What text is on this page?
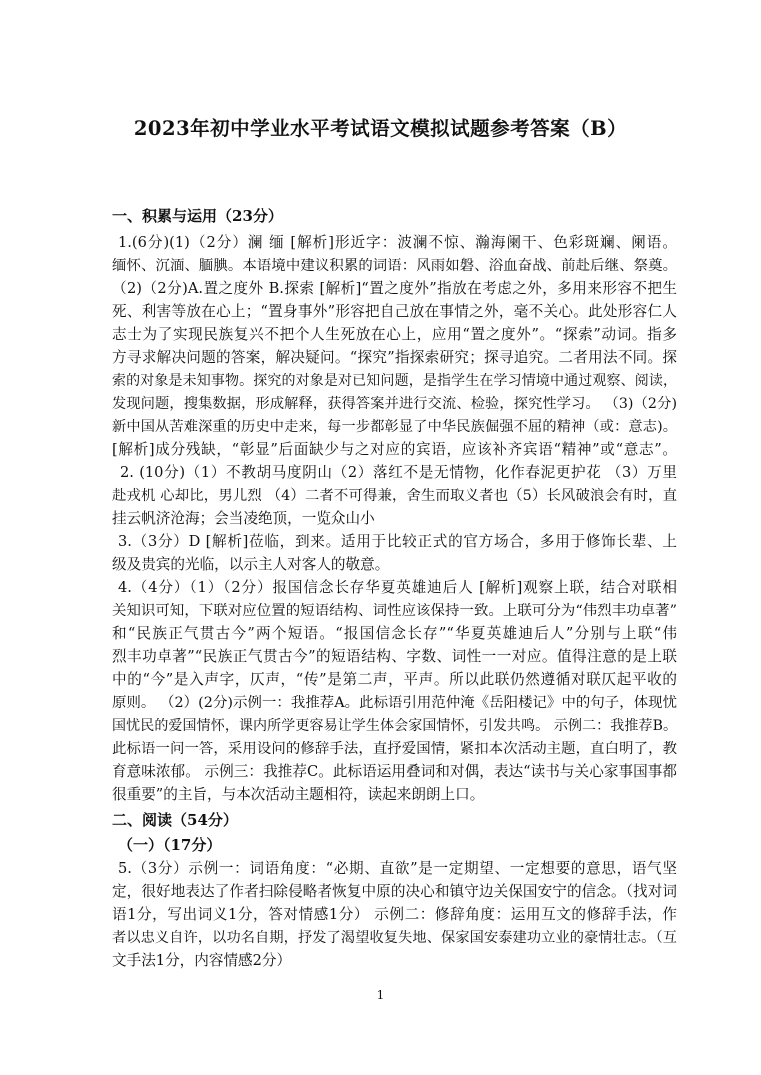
2023年初中学业水平考试语文模拟试题参考答案（B）
一、积累与运用（23分）
1.(6分)(1)（2分）澜 缅 [解析]形近字：波澜不惊、瀚海阑干、色彩斑斓、阑语。
缅怀、沉湎、腼腆。本语境中建议积累的词语：风雨如磐、浴血奋战、前赴后继、祭奠。
（2)（2分)A.置之度外 B.探索 [解析]“置之度外”指放在考虑之外，多用来形容不把生
死、利害等放在心上；“置身事外”形容把自己放在事情之外，毫不关心。此处形容仁人
志士为了实现民族复兴不把个人生死放在心上，应用“置之度外”。“探索”动词。指多
方寻求解决问题的答案，解决疑问。“探究”指探索研究；探寻追究。二者用法不同。探
索的对象是未知事物。探究的对象是对已知问题，是指学生在学习情境中通过观察、阅读，
发现问题，搜集数据，形成解释，获得答案并进行交流、检验，探究性学习。 （3)（2分)
新中国从苦难深重的历史中走来，每一步都彰显了中华民族倔强不屈的精神（或：意志)。
[解析]成分残缺，“彰显”后面缺少与之对应的宾语，应该补齐宾语“精神”或“意志”。
2. (10分)（1）不教胡马度阴山（2）落红不是无情物，化作春泥更护花 （3）万里
赴戎机 心却比，男儿烈 （4）二者不可得兼，舍生而取义者也（5）长风破浪会有时，直
挂云帆济沧海；会当凌绝顶，一览众山小
3.（3分）D [解析]莅临，到来。适用于比较正式的官方场合，多用于修饰长辈、上
级及贵宾的光临，以示主人对客人的敬意。
4.（4分）（1）（2分）报国信念长存华夏英雄迪后人 [解析]观察上联，结合对联相
关知识可知，下联对应位置的短语结构、词性应该保持一致。上联可分为“伟烈丰功卓著”
和“民族正气贯古今”两个短语。“报国信念长存”“华夏英雄迪后人”分别与上联“伟
烈丰功卓著”“民族正气贯古今”的短语结构、字数、词性一一对应。值得注意的是上联
中的“今”是入声字，仄声，“传”是第二声，平声。所以此联仍然遵循对联仄起平收的
原则。 （2）(2分)示例一：我推荐A。此标语引用范仲淹《岳阳楼记》中的句子，体现忧
国忧民的爱国情怀，课内所学更容易让学生体会家国情怀，引发共鸣。 示例二：我推荐B。
此标语一问一答，采用设问的修辞手法，直抒爱国情，紧扣本次活动主题，直白明了，教
育意味浓郁。 示例三：我推荐C。此标语运用叠词和对偶，表达“读书与关心家事国事都
很重要”的主旨，与本次活动主题相符，读起来朗朗上口。
二、阅读（54分）
（一）（17分）
5.（3分）示例一：词语角度：“必期、直欲”是一定期望、一定想要的意思，语气坚
定，很好地表达了作者扫除侵略者恢复中原的决心和镇守边关保国安宁的信念。（找对词
语1分，写出词义1分，答对情感1分） 示例二：修辞角度：运用互文的修辞手法，作
者以忠义自许，以功名自期，抒发了渴望收复失地、保家国安泰建功立业的豪情壮志。（互
文手法1分，内容情感2分）
1
